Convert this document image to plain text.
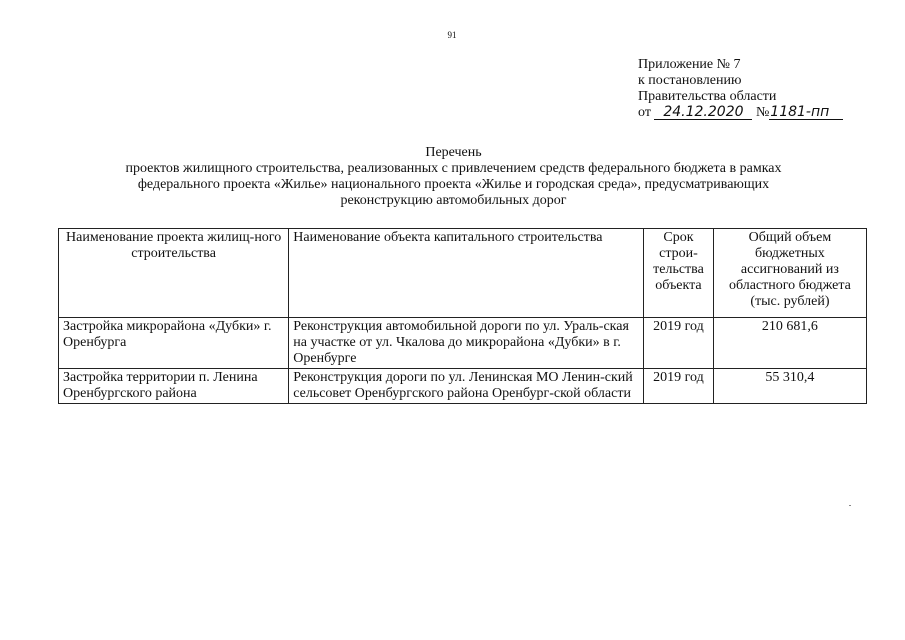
91
Приложение № 7
к постановлению
Правительства области
от 24.12.2020 №1181-пп
Перечень
проектов жилищного строительства, реализованных с привлечением средств федерального бюджета в рамках
федерального проекта «Жилье» национального проекта «Жилье и городская среда», предусматривающих
реконструкцию автомобильных дорог
Наименование проекта жилищ-ного строительства	Наименование объекта капитального строительства	Срок строи-тельства объекта	Общий объем бюджетных ассигнований из областного бюджета (тыс. рублей)
Застройка микрорайона «Дубки» г. Оренбурга	Реконструкция автомобильной дороги по ул. Ураль-ская на участке от ул. Чкалова до микрорайона «Дубки» в г. Оренбурге	2019 год	210 681,6
Застройка территории п. Ленина Оренбургского района	Реконструкция дороги по ул. Ленинская МО Ленин-ский сельсовет Оренбургского района Оренбург-ской области	2019 год	55 310,4
